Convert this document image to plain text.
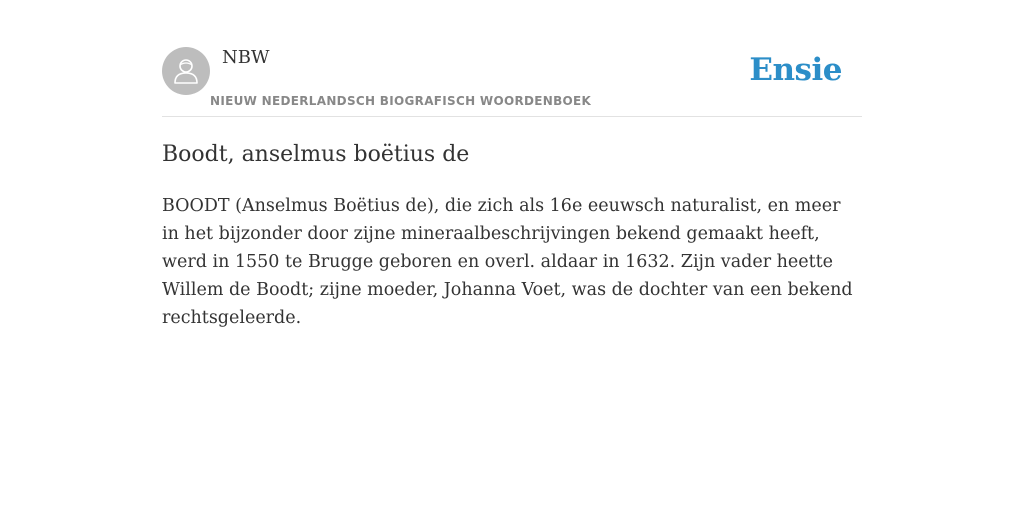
NBW
NIEUW NEDERLANDSCH BIOGRAFISCH WOORDENBOEK
Ensie
Boodt, anselmus boëtius de

BOODT (Anselmus Boëtius de), die zich als 16e eeuwsch naturalist, en meer in het bijzonder door zijne mineraalbeschrijvingen bekend gemaakt heeft, werd in 1550 te Brugge geboren en overl. aldaar in 1632. Zijn vader heette Willem de Boodt; zijne moeder, Johanna Voet, was de dochter van een bekend rechtsgeleerde.
